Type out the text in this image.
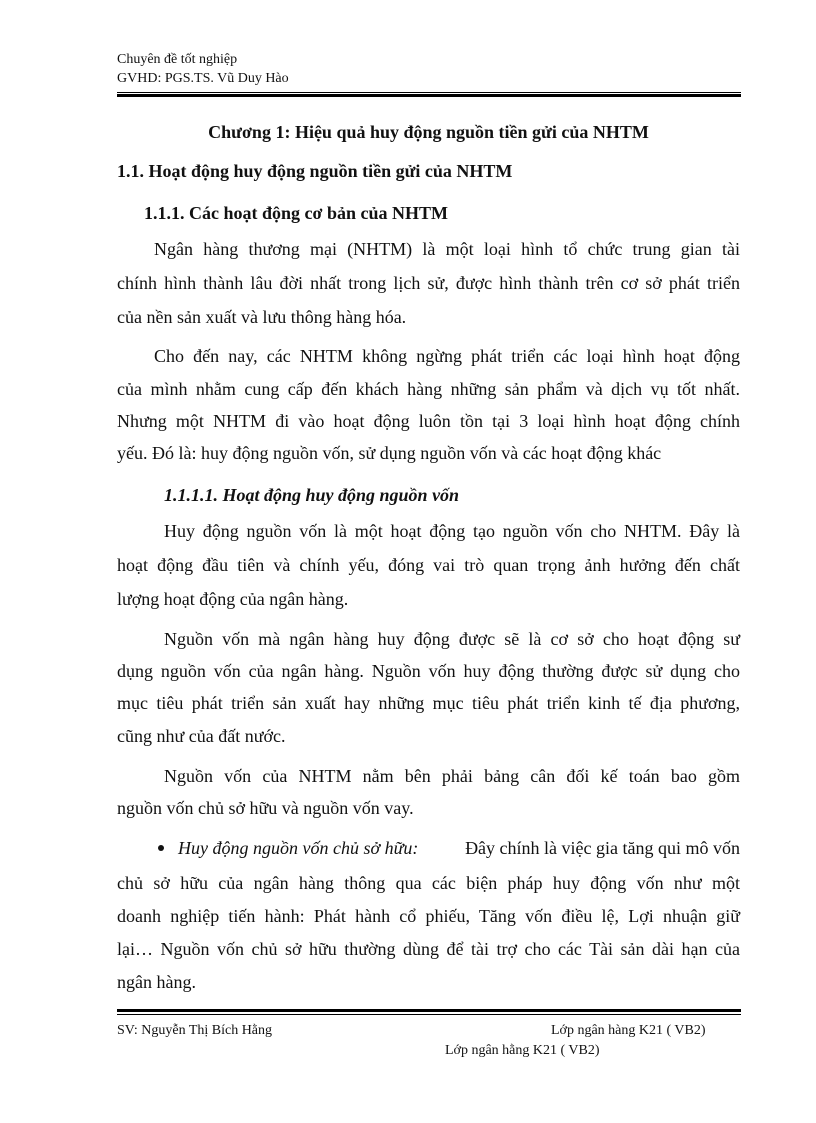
Chuyên đề tốt nghiệp
GVHD: PGS.TS. Vũ Duy Hào
Chương 1: Hiệu quả huy động nguồn tiền gửi của NHTM
1.1. Hoạt động huy động nguồn tiền gửi của NHTM
1.1.1. Các hoạt động cơ bản của NHTM
Ngân hàng thương mại (NHTM) là một loại hình tổ chức trung gian tài
chính hình thành lâu đời nhất trong lịch sử, được hình thành trên cơ sở phát triển
của nền sản xuất và lưu thông hàng hóa.
Cho đến nay, các NHTM không ngừng phát triển các loại hình hoạt động
của mình nhằm cung cấp đến khách hàng những sản phẩm và dịch vụ tốt nhất.
Nhưng một NHTM đi vào hoạt động luôn tồn tại 3 loại hình hoạt động chính
yếu. Đó là: huy động nguồn vốn, sử dụng nguồn vốn và các hoạt động khác
1.1.1.1. Hoạt động huy động nguồn vốn
Huy động nguồn vốn là một hoạt động tạo nguồn vốn cho NHTM. Đây là
hoạt động đầu tiên và chính yếu, đóng vai trò quan trọng ảnh hưởng đến chất
lượng hoạt động của ngân hàng.
Nguồn vốn mà ngân hàng huy động được sẽ là cơ sở cho hoạt động sư
dụng nguồn vốn của ngân hàng. Nguồn vốn huy động thường được sử dụng cho
mục tiêu phát triển sản xuất hay những mục tiêu phát triển kinh tế địa phương,
cũng như của đất nước.
Nguồn vốn của NHTM nằm bên phải bảng cân đối kế toán bao gồm
nguồn vốn chủ sở hữu và nguồn vốn vay.
Huy động nguồn vốn chủ sở hữu:	Đây chính là việc gia tăng qui mô vốn
chủ sở hữu của ngân hàng thông qua các biện pháp huy động vốn như một
doanh nghiệp tiến hành: Phát hành cổ phiếu, Tăng vốn điều lệ, Lợi nhuận giữ
lại… Nguồn vốn chủ sở hữu thường dùng để tài trợ cho các Tài sản dài hạn của
ngân hàng.
SV: Nguyễn Thị Bích Hằng	Lớp ngân hàng K21 ( VB2)
Lớp ngân hằng K21 ( VB2)
